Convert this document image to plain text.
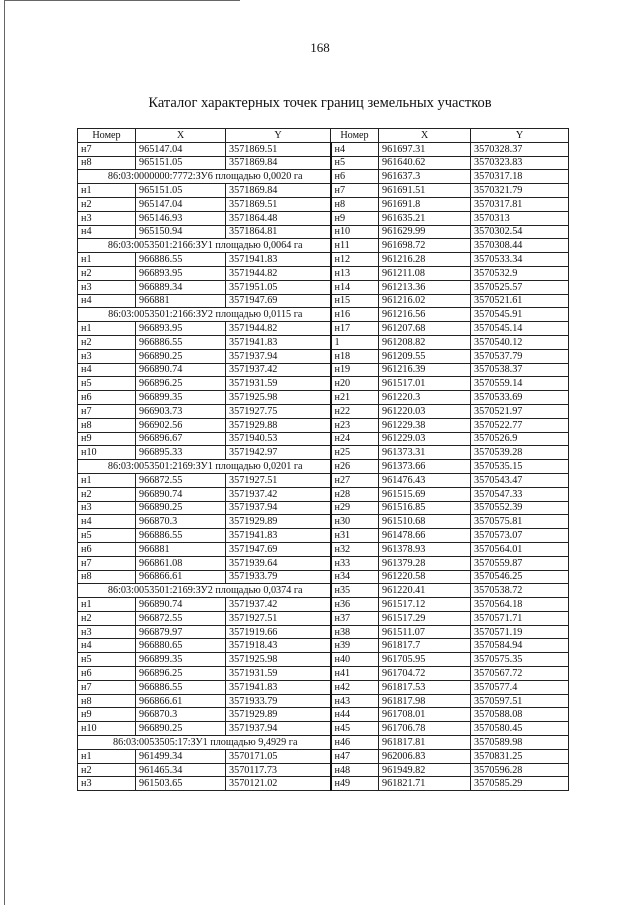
168
Каталог характерных точек границ земельных участков
Номер	X	Y	Номер	X	Y
н7	965147.04	3571869.51	н4	961697.31	3570328.37
н8	965151.05	3571869.84	н5	961640.62	3570323.83
86:03:0000000:7772:ЗУ6 площадью 0,0020 га			н6	961637.3	3570317.18
н1	965151.05	3571869.84	н7	961691.51	3570321.79
н2	965147.04	3571869.51	н8	961691.8	3570317.81
н3	965146.93	3571864.48	н9	961635.21	3570313
н4	965150.94	3571864.81	н10	961629.99	3570302.54
86:03:0053501:2166:ЗУ1 площадью 0,0064 га			н11	961698.72	3570308.44
н1	966886.55	3571941.83	н12	961216.28	3570533.34
н2	966893.95	3571944.82	н13	961211.08	3570532.9
н3	966889.34	3571951.05	н14	961213.36	3570525.57
н4	966881	3571947.69	н15	961216.02	3570521.61
86:03:0053501:2166:ЗУ2 площадью 0,0115 га			н16	961216.56	3570545.91
н1	966893.95	3571944.82	н17	961207.68	3570545.14
н2	966886.55	3571941.83	1	961208.82	3570540.12
н3	966890.25	3571937.94	н18	961209.55	3570537.79
н4	966890.74	3571937.42	н19	961216.39	3570538.37
н5	966896.25	3571931.59	н20	961517.01	3570559.14
н6	966899.35	3571925.98	н21	961220.3	3570533.69
н7	966903.73	3571927.75	н22	961220.03	3570521.97
н8	966902.56	3571929.88	н23	961229.38	3570522.77
н9	966896.67	3571940.53	н24	961229.03	3570526.9
н10	966895.33	3571942.97	н25	961373.31	3570539.28
86:03:0053501:2169:ЗУ1 площадью 0,0201 га			н26	961373.66	3570535.15
н1	966872.55	3571927.51	н27	961476.43	3570543.47
н2	966890.74	3571937.42	н28	961515.69	3570547.33
н3	966890.25	3571937.94	н29	961516.85	3570552.39
н4	966870.3	3571929.89	н30	961510.68	3570575.81
н5	966886.55	3571941.83	н31	961478.66	3570573.07
н6	966881	3571947.69	н32	961378.93	3570564.01
н7	966861.08	3571939.64	н33	961379.28	3570559.87
н8	966866.61	3571933.79	н34	961220.58	3570546.25
86:03:0053501:2169:ЗУ2 площадью 0,0374 га			н35	961220.41	3570538.72
н1	966890.74	3571937.42	н36	961517.12	3570564.18
н2	966872.55	3571927.51	н37	961517.29	3570571.71
н3	966879.97	3571919.66	н38	961511.07	3570571.19
н4	966880.65	3571918.43	н39	961817.7	3570584.94
н5	966899.35	3571925.98	н40	961705.95	3570575.35
н6	966896.25	3571931.59	н41	961704.72	3570567.72
н7	966886.55	3571941.83	н42	961817.53	3570577.4
н8	966866.61	3571933.79	н43	961817.98	3570597.51
н9	966870.3	3571929.89	н44	961708.01	3570588.08
н10	966890.25	3571937.94	н45	961706.78	3570580.45
86:03:0053505:17:ЗУ1 площадью 9,4929 га			н46	961817.81	3570589.98
н1	961499.34	3570171.05	н47	962006.83	3570831.25
н2	961465.34	3570117.73	н48	961949.82	3570596.28
н3	961503.65	3570121.02	н49	961821.71	3570585.29
